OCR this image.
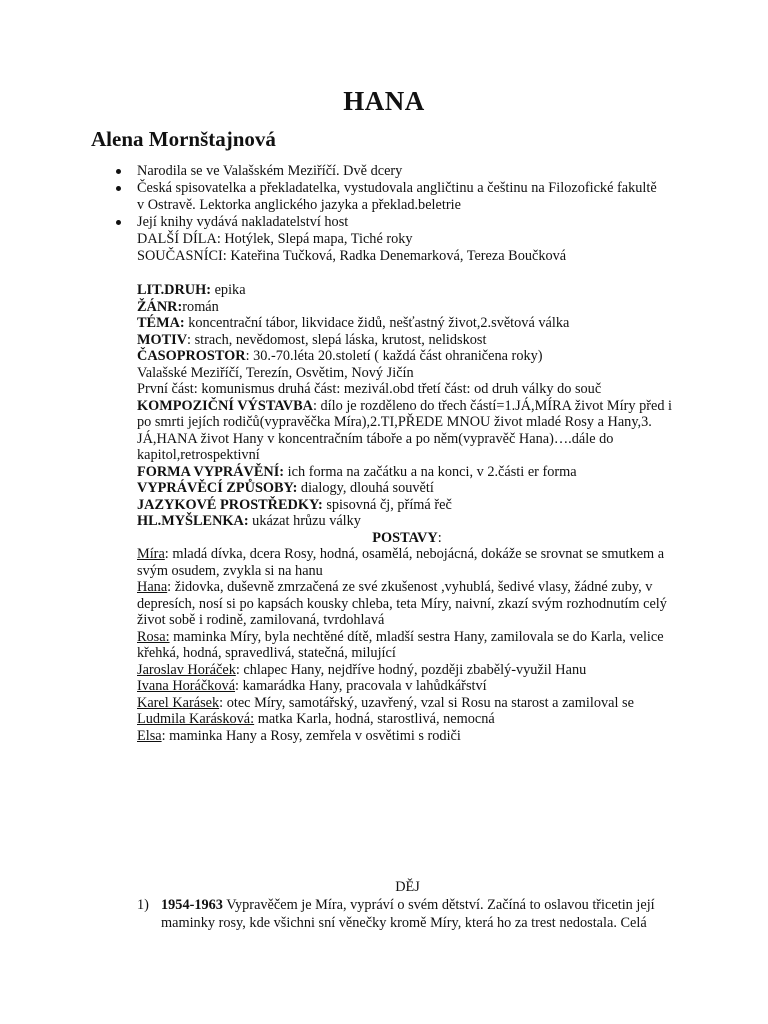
HANA
Alena Mornštajnová
Narodila se ve Valašském Meziříčí. Dvě dcery
Česká spisovatelka a překladatelka, vystudovala angličtinu a češtinu na Filozofické fakultě
v Ostravě. Lektorka anglického jazyka a překlad.beletrie
Její knihy vydává nakladatelství host
DALŠÍ DÍLA: Hotýlek, Slepá mapa, Tiché roky
SOUČASNÍCI: Kateřina Tučková, Radka Denemarková, Tereza Boučková
LIT.DRUH: epika
ŽÁNR:román
TÉMA: koncentrační tábor, likvidace židů, nešťastný život,2.světová válka
MOTIV: strach, nevědomost, slepá láska, krutost, nelidskost
ČASOPROSTOR: 30.-70.léta 20.století ( každá část ohraničena roky)
Valašské Meziříčí, Terezín, Osvětim, Nový Jičín
První část: komunismus druhá část: mezivál.obd třetí část: od druh války do souč
KOMPOZIČNÍ VÝSTAVBA: dílo je rozděleno do třech částí=1.JÁ,MÍRA život Míry před i po smrti jejích rodičů(vypravěčka Míra),2.TI,PŘEDE MNOU život mladé Rosy a Hany,3. JÁ,HANA život Hany v koncentračním táboře a po něm(vypravěč Hana)….dále do kapitol,retrospektivní
FORMA VYPRÁVĚNÍ: ich forma na začátku a na konci, v 2.části er forma
VYPRÁVĚCÍ ZPŮSOBY: dialogy, dlouhá souvětí
JAZYKOVÉ PROSTŘEDKY: spisovná čj, přímá řeč
HL.MYŠLENKA: ukázat hrůzu války
POSTAVY:
Míra: mladá dívka, dcera Rosy, hodná, osamělá, nebojácná, dokáže se srovnat se smutkem a svým osudem, zvykla si na hanu
Hana: židovka, duševně zmrzačená ze své zkušenost ,vyhublá, šedivé vlasy, žádné zuby, v depresích, nosí si po kapsách kousky chleba, teta Míry, naivní, zkazí svým rozhodnutím celý život sobě i rodině, zamilovaná, tvrdohlavá
Rosa: maminka Míry, byla nechtěné dítě, mladší sestra Hany, zamilovala se do Karla, velice křehká, hodná, spravedlivá, statečná, milující
Jaroslav Horáček: chlapec Hany, nejdříve hodný, později zbabělý-využil Hanu
Ivana Horáčková: kamarádka Hany, pracovala v lahůdkářství
Karel Karásek: otec Míry, samotářský, uzavřený, vzal si Rosu na starost a zamiloval se
Ludmila Karásková: matka Karla, hodná, starostlivá, nemocná
Elsa: maminka Hany a Rosy, zemřela v osvětimi s rodiči
DĚJ
1) 1954-1963 Vypravěčem je Míra, vypráví o svém dětství. Začíná to oslavou třicetin její maminky rosy, kde všichni sní věnečky kromě Míry, která ho za trest nedostala. Celá
